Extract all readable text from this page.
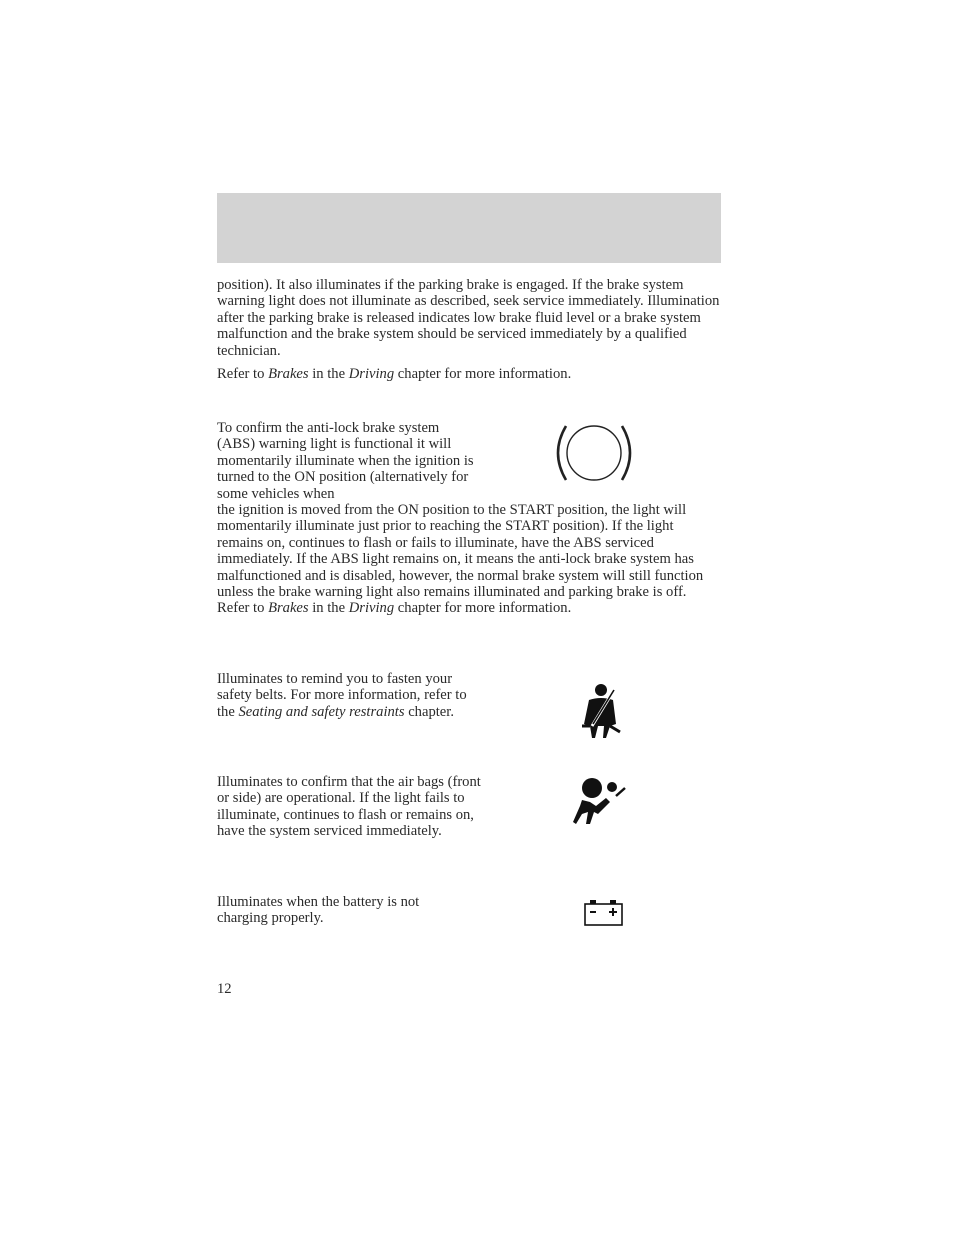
position). It also illuminates if the parking brake is engaged. If the brake system warning light does not illuminate as described, seek service immediately. Illumination after the parking brake is released indicates low brake fluid level or a brake system malfunction and the brake system should be serviced immediately by a qualified technician.

Refer to Brakes in the Driving chapter for more information.

To confirm the anti-lock brake system (ABS) warning light is functional it will momentarily illuminate when the ignition is turned to the ON position (alternatively for some vehicles when
the ignition is moved from the ON position to the START position, the light will momentarily illuminate just prior to reaching the START position). If the light remains on, continues to flash or fails to illuminate, have the ABS serviced immediately. If the ABS light remains on, it means the anti-lock brake system has malfunctioned and is disabled, however, the normal brake system will still function unless the brake warning light also remains illuminated and parking brake is off. Refer to Brakes in the Driving chapter for more information.

Illuminates to remind you to fasten your safety belts. For more information, refer to the Seating and safety restraints chapter.

Illuminates to confirm that the air bags (front or side) are operational. If the light fails to illuminate, continues to flash or remains on, have the system serviced immediately.

Illuminates when the battery is not charging properly.

12
